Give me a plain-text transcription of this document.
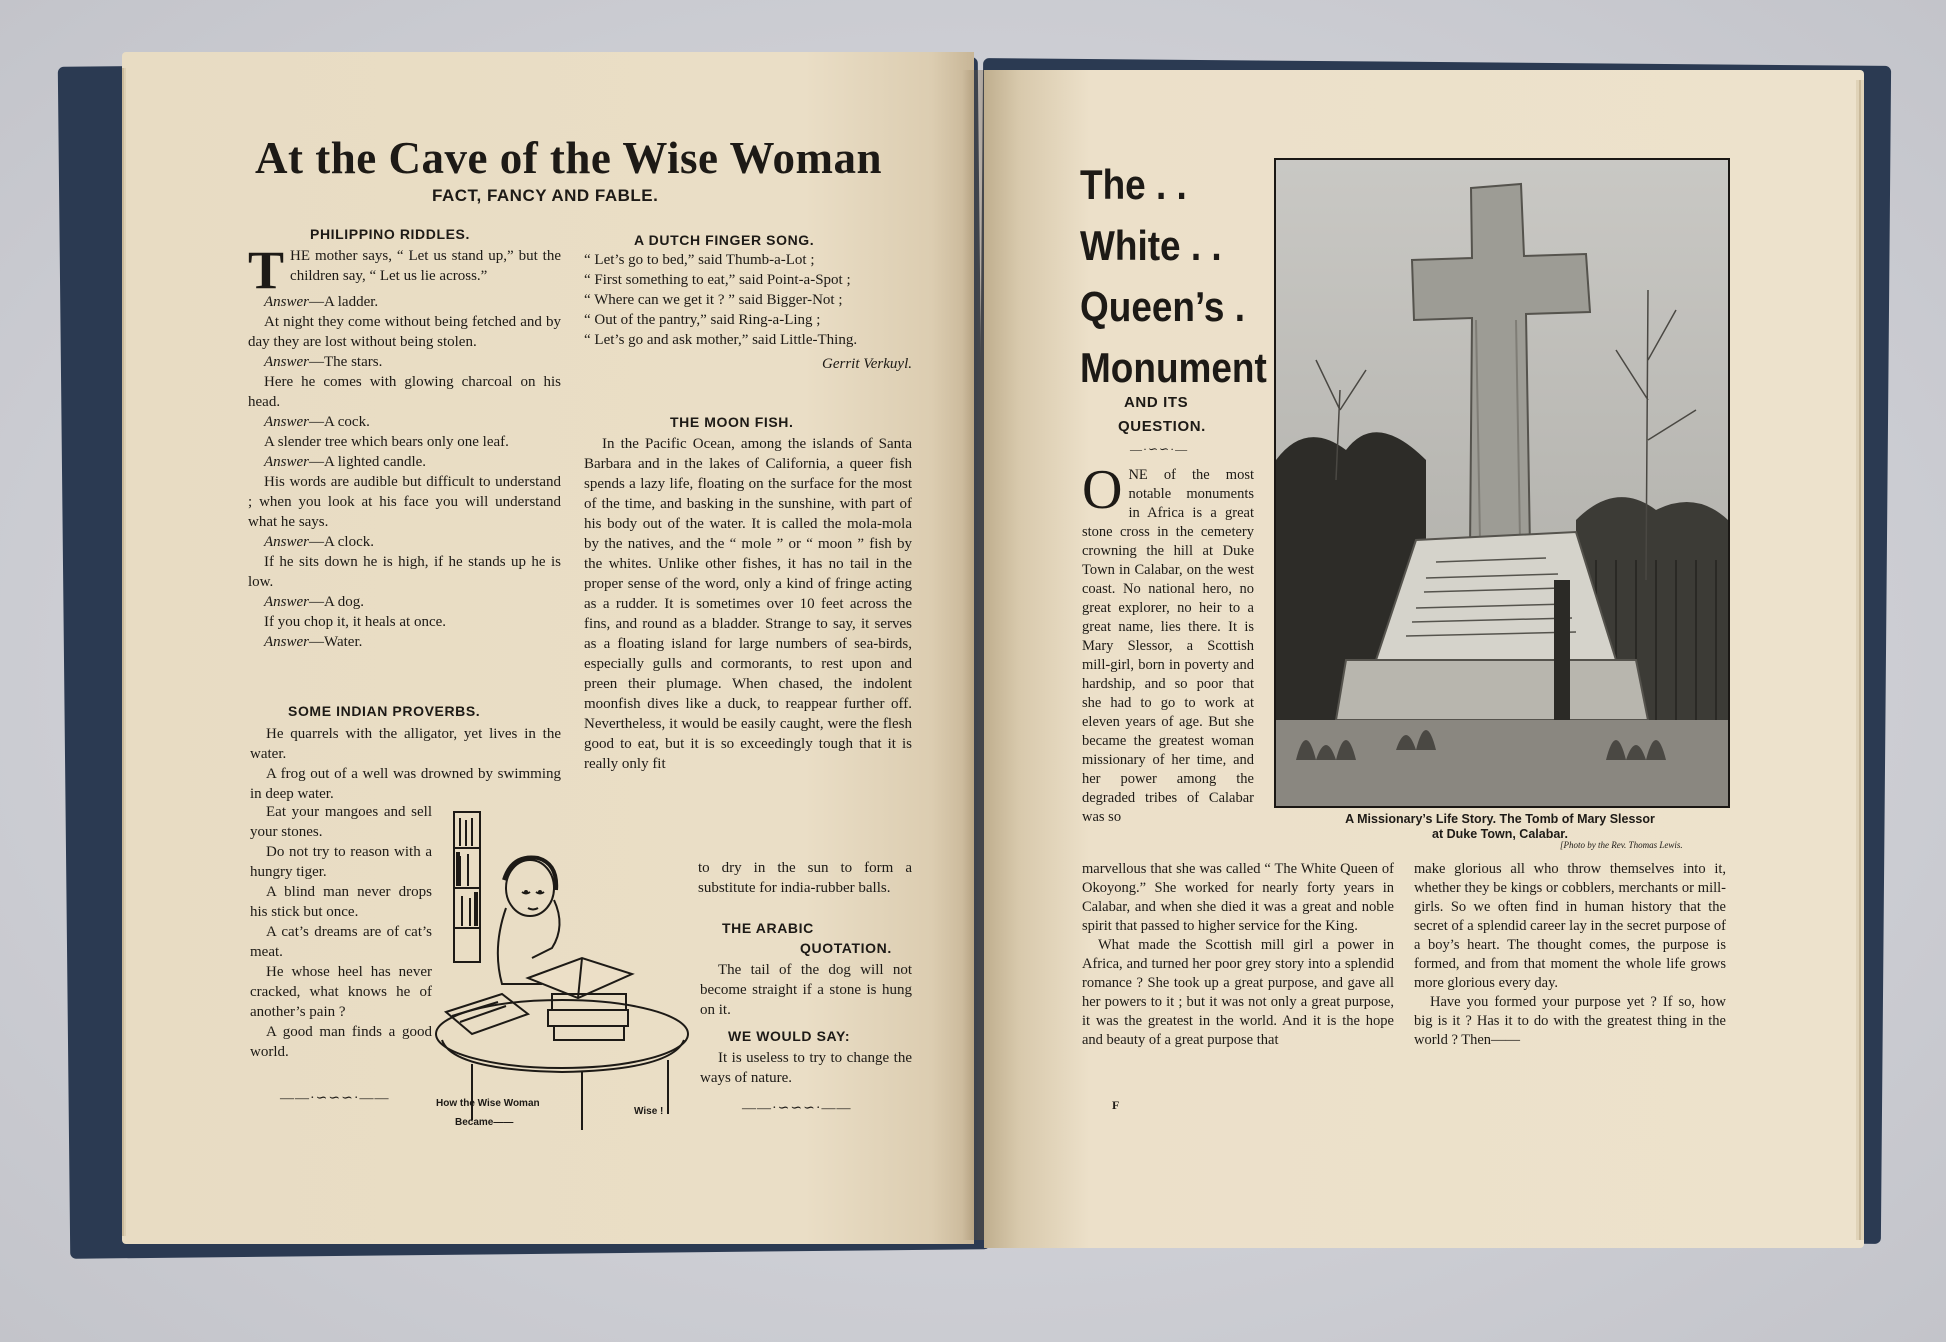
At the Cave of the Wise Woman
FACT, FANCY AND FABLE.
PHILIPPINO RIDDLES.

THE mother says, “ Let us stand up,” but the children say, “ Let us lie across.”

Answer—A ladder.

At night they come without being fetched and by day they are lost without being stolen.

Answer—The stars.

Here he comes with glowing charcoal on his head.

Answer—A cock.

A slender tree which bears only one leaf.

Answer—A lighted candle.

His words are audible but difficult to understand ; when you look at his face you will understand what he says.

Answer—A clock.

If he sits down he is high, if he stands up he is low.

Answer—A dog.

If you chop it, it heals at once.

Answer—Water.

SOME INDIAN PROVERBS.

He quarrels with the alligator, yet lives in the water.

A frog out of a well was drowned by swimming in deep water.

Eat your mangoes and sell your stones.

Do not try to reason with a hungry tiger.

A blind man never drops his stick but once.

A cat’s dreams are of cat’s meat.

He whose heel has never cracked, what knows he of another’s pain ?

A good man finds a good world.

How the Wise Woman
Became——
Wise !
——·∽∽∽·——
——·∽∽∽·——
A DUTCH FINGER SONG.

“ Let’s go to bed,” said Thumb-a-Lot ;

“ First something to eat,” said Point-a-Spot ;

“ Where can we get it ? ” said Bigger-Not ;

“ Out of the pantry,” said Ring-a-Ling ;

“ Let’s go and ask mother,” said Little-Thing.

Gerrit Verkuyl.

THE MOON FISH.

In the Pacific Ocean, among the islands of Santa Barbara and in the lakes of California, a queer fish spends a lazy life, floating on the surface for the most of the time, and basking in the sunshine, with part of his body out of the water. It is called the mola-mola by the natives, and the “ mole ” or “ moon ” fish by the whites. Unlike other fishes, it has no tail in the proper sense of the word, only a kind of fringe acting as a rudder. It is sometimes over 10 feet across the fins, and round as a bladder. Strange to say, it serves as a floating island for large numbers of sea-birds, especially gulls and cormorants, to rest upon and preen their plumage. When chased, the indolent moonfish dives like a duck, to reappear further off. Nevertheless, it would be easily caught, were the flesh good to eat, but it is so exceedingly tough that it is really only fit

to dry in the sun to form a substitute for india-rubber balls.

THE ARABIC
QUOTATION.

The tail of the dog will not become straight if a stone is hung on it.

WE WOULD SAY:

It is useless to try to change the ways of nature.

The . .
White . .
Queen’s .
Monument
AND ITS
QUESTION.
—·∽∽·—

ONE of the most notable monuments in Africa is a great stone cross in the cemetery crowning the hill at Duke Town in Calabar, on the west coast. No national hero, no great explorer, no heir to a great name, lies there. It is Mary Slessor, a Scottish mill-girl, born in poverty and hardship, and so poor that she had to go to work at eleven years of age. But she became the greatest woman missionary of her time, and her power among the degraded tribes of Calabar was so

marvellous that she was called “ The White Queen of Okoyong.” She worked for nearly forty years in Calabar, and when she died it was a great and noble spirit that passed to higher service for the King.

What made the Scottish mill girl a power in Africa, and turned her poor grey story into a splendid romance ? She took up a great purpose, and gave all her powers to it ; but it was not only a great purpose, it was the greatest in the world. And it is the hope and beauty of a great purpose that

make glorious all who throw themselves into it, whether they be kings or cobblers, merchants or mill-girls. So we often find in human history that the secret of a splendid career lay in the secret purpose of a boy’s heart. The thought comes, the purpose is formed, and from that moment the whole life grows more glorious every day.

Have you formed your purpose yet ? If so, how big is it ? Has it to do with the greatest thing in the world ? Then——

F
A Missionary’s Life Story. The Tomb of Mary Slessor
at Duke Town, Calabar.
[Photo by the Rev. Thomas Lewis.
